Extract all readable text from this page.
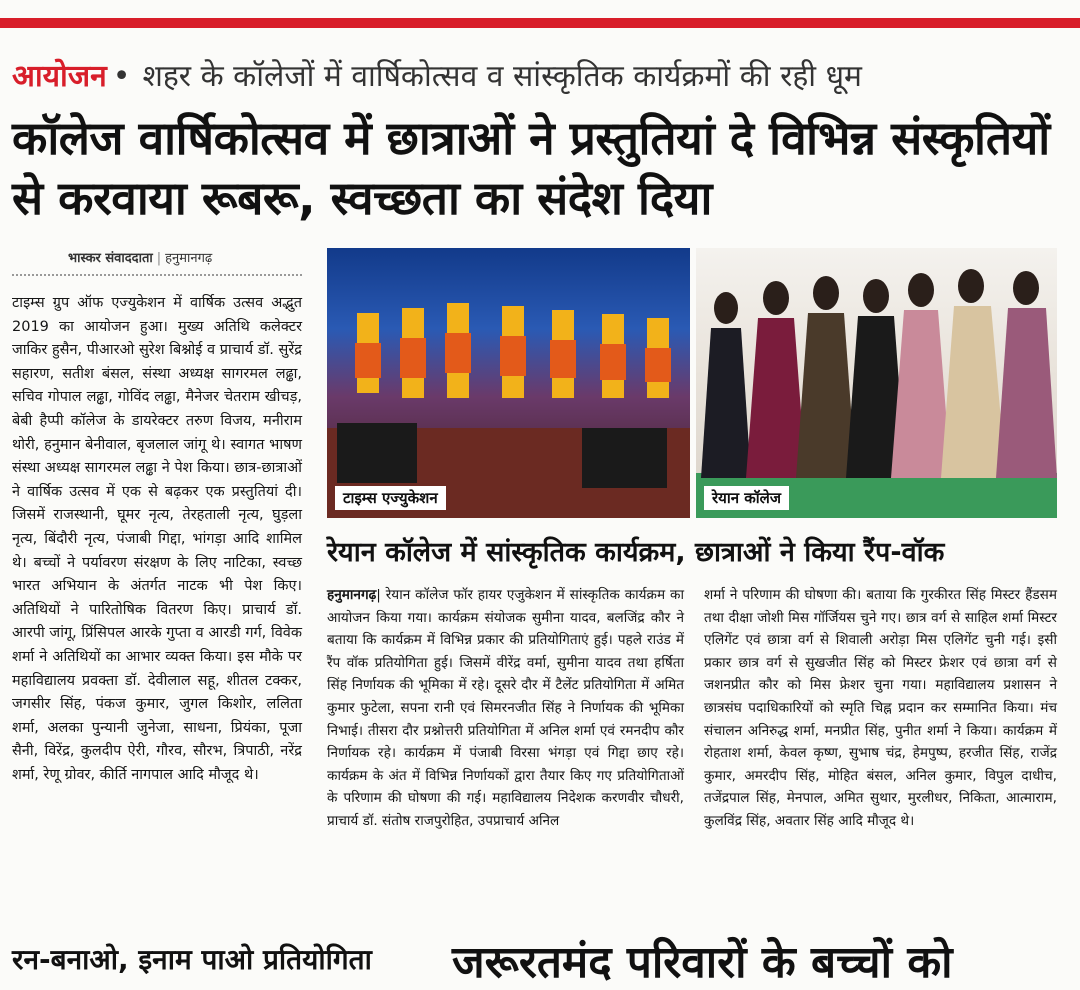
आयोजन • शहर के कॉलेजों में वार्षिकोत्सव व सांस्कृतिक कार्यक्रमों की रही धूम
कॉलेज वार्षिकोत्सव में छात्राओं ने प्रस्तुतियां दे विभिन्न संस्कृतियों से करवाया रूबरू, स्वच्छता का संदेश दिया
भास्कर संवाददाता | हनुमानगढ़
टाइम्स ग्रुप ऑफ एज्युकेशन में वार्षिक उत्सव अद्भुत 2019 का आयोजन हुआ। मुख्य अतिथि कलेक्टर जाकिर हुसैन, पीआरओ सुरेश बिश्नोई व प्राचार्य डॉ. सुरेंद्र सहारण, सतीश बंसल, संस्था अध्यक्ष सागरमल लढ्ढा, सचिव गोपाल लढ्ढा, गोविंद लढ्ढा, मैनेजर चेतराम खीचड़, बेबी हैप्पी कॉलेज के डायरेक्टर तरुण विजय, मनीराम थोरी, हनुमान बेनीवाल, बृजलाल जांगू थे। स्वागत भाषण संस्था अध्यक्ष सागरमल लढ्ढा ने पेश किया। छात्र-छात्राओं ने वार्षिक उत्सव में एक से बढ़कर एक प्रस्तुतियां दी। जिसमें राजस्थानी, घूमर नृत्य, तेरहताली नृत्य, घुड़ला नृत्य, बिंदौरी नृत्य, पंजाबी गिद्दा, भांगड़ा आदि शामिल थे। बच्चों ने पर्यावरण संरक्षण के लिए नाटिका, स्वच्छ भारत अभियान के अंतर्गत नाटक भी पेश किए। अतिथियों ने पारितोषिक वितरण किए। प्राचार्य डॉ. आरपी जांगू, प्रिंसिपल आरके गुप्ता व आरडी गर्ग, विवेक शर्मा ने अतिथियों का आभार व्यक्त किया। इस मौके पर महाविद्यालय प्रवक्ता डॉ. देवीलाल सहू, शीतल टक्कर, जगसीर सिंह, पंकज कुमार, जुगल किशोर, ललिता शर्मा, अलका पुन्यानी जुनेजा, साधना, प्रियंका, पूजा सैनी, विरेंद्र, कुलदीप ऐरी, गौरव, सौरभ, त्रिपाठी, नरेंद्र शर्मा, रेणू ग्रोवर, कीर्ति नागपाल आदि मौजूद थे।
टाइम्स एज्युकेशन	रेयान कॉलेज
रेयान कॉलेज में सांस्कृतिक कार्यक्रम, छात्राओं ने किया रैंप-वॉक
हनुमानगढ़| रेयान कॉलेज फॉर हायर एजुकेशन में सांस्कृतिक कार्यक्रम का आयोजन किया गया। कार्यक्रम संयोजक सुमीना यादव, बलजिंद्र कौर ने बताया कि कार्यक्रम में विभिन्न प्रकार की प्रतियोगिताएं हुई। पहले राउंड में रैंप वॉक प्रतियोगिता हुई। जिसमें वीरेंद्र वर्मा, सुमीना यादव तथा हर्षिता सिंह निर्णायक की भूमिका में रहे। दूसरे दौर में टैलेंट प्रतियोगिता में अमित कुमार फुटेला, सपना रानी एवं सिमरनजीत सिंह ने निर्णायक की भूमिका निभाई। तीसरा दौर प्रश्नोत्तरी प्रतियोगिता में अनिल शर्मा एवं रमनदीप कौर निर्णायक रहे। कार्यक्रम में पंजाबी विरसा भंगड़ा एवं गिद्दा छाए रहे। कार्यक्रम के अंत में विभिन्न निर्णायकों द्वारा तैयार किए गए प्रतियोगिताओं के परिणाम की घोषणा की गई। महाविद्यालय निदेशक करणवीर चौधरी, प्राचार्य डॉ. संतोष राजपुरोहित, उपप्राचार्य अनिल
शर्मा ने परिणाम की घोषणा की। बताया कि गुरकीरत सिंह मिस्टर हैंडसम तथा दीक्षा जोशी मिस गॉर्जियस चुने गए। छात्र वर्ग से साहिल शर्मा मिस्टर एलिगेंट एवं छात्रा वर्ग से शिवाली अरोड़ा मिस एलिगेंट चुनी गई। इसी प्रकार छात्र वर्ग से सुखजीत सिंह को मिस्टर फ्रेशर एवं छात्रा वर्ग से जशनप्रीत कौर को मिस फ्रेशर चुना गया। महाविद्यालय प्रशासन ने छात्रसंघ पदाधिकारियों को स्मृति चिह्न प्रदान कर सम्मानित किया। मंच संचालन अनिरुद्ध शर्मा, मनप्रीत सिंह, पुनीत शर्मा ने किया। कार्यक्रम में रोहताश शर्मा, केवल कृष्ण, सुभाष चंद्र, हेमपुष्प, हरजीत सिंह, राजेंद्र कुमार, अमरदीप सिंह, मोहित बंसल, अनिल कुमार, विपुल दाधीच, तजेंद्रपाल सिंह, मेनपाल, अमित सुथार, मुरलीधर, निकिता, आत्माराम, कुलविंद्र सिंह, अवतार सिंह आदि मौजूद थे।
रन-बनाओ, इनाम पाओ प्रतियोगिता जरूरतमंद परिवारों के बच्चों को
